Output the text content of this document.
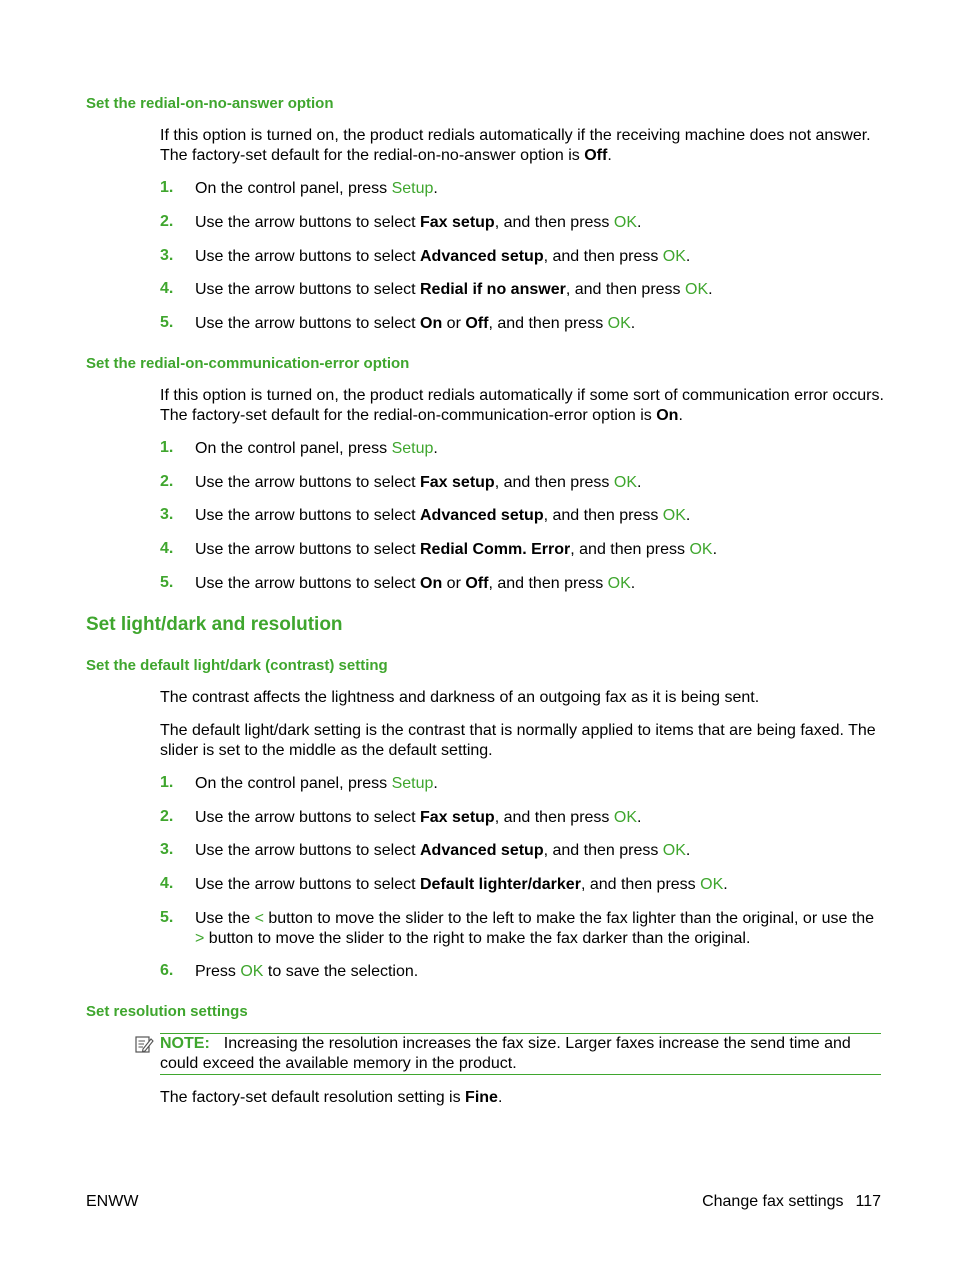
Set the redial-on-no-answer option
If this option is turned on, the product redials automatically if the receiving machine does not answer. The factory-set default for the redial-on-no-answer option is Off.
1. On the control panel, press Setup.
2. Use the arrow buttons to select Fax setup, and then press OK.
3. Use the arrow buttons to select Advanced setup, and then press OK.
4. Use the arrow buttons to select Redial if no answer, and then press OK.
5. Use the arrow buttons to select On or Off, and then press OK.
Set the redial-on-communication-error option
If this option is turned on, the product redials automatically if some sort of communication error occurs. The factory-set default for the redial-on-communication-error option is On.
1. On the control panel, press Setup.
2. Use the arrow buttons to select Fax setup, and then press OK.
3. Use the arrow buttons to select Advanced setup, and then press OK.
4. Use the arrow buttons to select Redial Comm. Error, and then press OK.
5. Use the arrow buttons to select On or Off, and then press OK.
Set light/dark and resolution
Set the default light/dark (contrast) setting
The contrast affects the lightness and darkness of an outgoing fax as it is being sent.
The default light/dark setting is the contrast that is normally applied to items that are being faxed. The slider is set to the middle as the default setting.
1. On the control panel, press Setup.
2. Use the arrow buttons to select Fax setup, and then press OK.
3. Use the arrow buttons to select Advanced setup, and then press OK.
4. Use the arrow buttons to select Default lighter/darker, and then press OK.
5. Use the < button to move the slider to the left to make the fax lighter than the original, or use the > button to move the slider to the right to make the fax darker than the original.
6. Press OK to save the selection.
Set resolution settings
NOTE: Increasing the resolution increases the fax size. Larger faxes increase the send time and could exceed the available memory in the product.
The factory-set default resolution setting is Fine.
ENWW	Change fax settings 117
